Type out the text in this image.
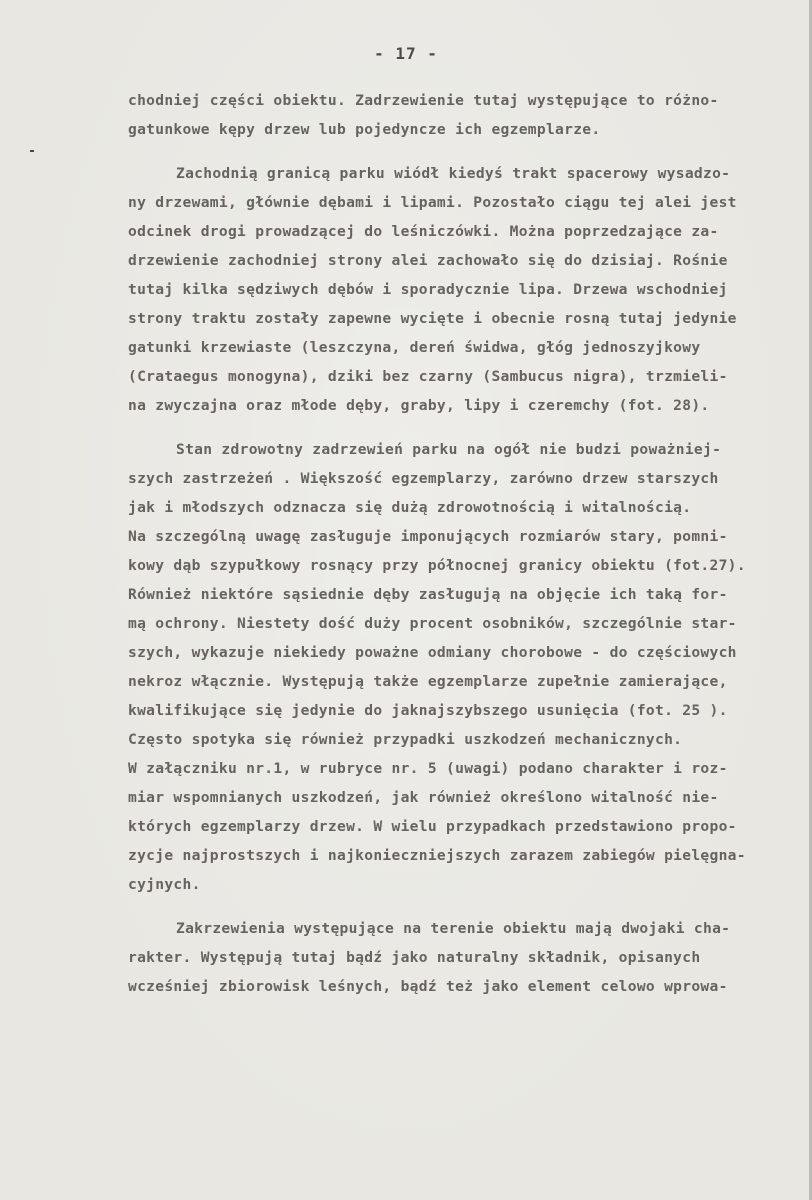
- 17 -
chodniej części obiektu. Zadrzewienie tutaj występujące to różno-
gatunkowe kępy drzew lub pojedyncze ich egzemplarze.
Zachodnią granicą parku wiódł kiedyś trakt spacerowy wysadzo-
ny drzewami, głównie dębami i lipami. Pozostało ciągu tej alei jest
odcinek drogi prowadzącej do leśniczówki. Można poprzedzające za-
drzewienie zachodniej strony alei zachowało się do dzisiaj. Rośnie
tutaj kilka sędziwych dębów i sporadycznie lipa. Drzewa wschodniej
strony traktu zostały zapewne wycięte i obecnie rosną tutaj jedynie
gatunki krzewiaste (leszczyna, dereń świdwa, głóg jednoszyjkowy
(Crataegus monogyna), dziki bez czarny (Sambucus nigra), trzmieli-
na zwyczajna oraz młode dęby, graby, lipy i czeremchy (fot. 28).
Stan zdrowotny zadrzewień parku na ogół nie budzi poważniej-
szych zastrzeżeń . Większość egzemplarzy, zarówno drzew starszych
jak i młodszych odznacza się dużą zdrowotnością i witalnością.
Na szczególną uwagę zasługuje imponujących rozmiarów stary, pomni-
kowy dąb szypułkowy rosnący przy północnej granicy obiektu (fot.27).
Również niektóre sąsiednie dęby zasługują na objęcie ich taką for-
mą ochrony. Niestety dość duży procent osobników, szczególnie star-
szych, wykazuje niekiedy poważne odmiany chorobowe - do częściowych
nekroz włącznie. Występują także egzemplarze zupełnie zamierające,
kwalifikujące się jedynie do jaknajszybszego usunięcia (fot. 25 ).
Często spotyka się również przypadki uszkodzeń mechanicznych.
W załączniku nr.1, w rubryce nr. 5 (uwagi) podano charakter i roz-
miar wspomnianych uszkodzeń, jak również określono witalność nie-
których egzemplarzy drzew. W wielu przypadkach przedstawiono propo-
zycje najprostszych i najkonieczniejszych zarazem zabiegów pielęgna-
cyjnych.
Zakrzewienia występujące na terenie obiektu mają dwojaki cha-
rakter. Występują tutaj bądź jako naturalny składnik, opisanych
wcześniej zbiorowisk leśnych, bądź też jako element celowo wprowa-
